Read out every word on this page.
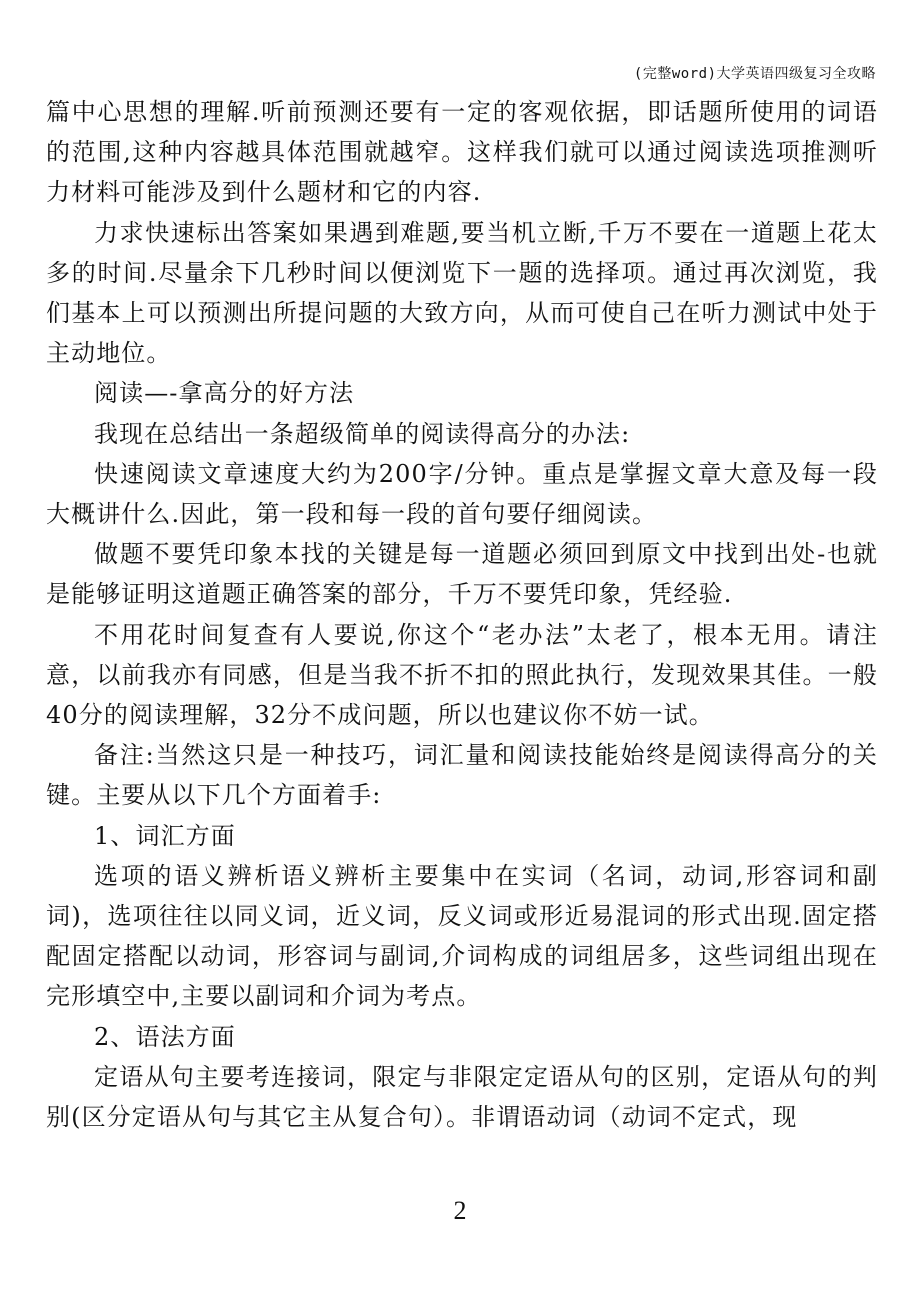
(完整word)大学英语四级复习全攻略

篇中心思想的理解.听前预测还要有一定的客观依据，即话题所使用的词语的范围,这种内容越具体范围就越窄。这样我们就可以通过阅读选项推测听力材料可能涉及到什么题材和它的内容.

力求快速标出答案如果遇到难题,要当机立断,千万不要在一道题上花太多的时间.尽量余下几秒时间以便浏览下一题的选择项。通过再次浏览，我们基本上可以预测出所提问题的大致方向，从而可使自己在听力测试中处于主动地位。

阅读—-拿高分的好方法

我现在总结出一条超级简单的阅读得高分的办法:

快速阅读文章速度大约为200字/分钟。重点是掌握文章大意及每一段大概讲什么.因此，第一段和每一段的首句要仔细阅读。

做题不要凭印象本找的关键是每一道题必须回到原文中找到出处-也就是能够证明这道题正确答案的部分，千万不要凭印象，凭经验.

不用花时间复查有人要说,你这个“老办法”太老了，根本无用。请注意，以前我亦有同感，但是当我不折不扣的照此执行，发现效果其佳。一般40分的阅读理解，32分不成问题，所以也建议你不妨一试。

备注:当然这只是一种技巧，词汇量和阅读技能始终是阅读得高分的关键。主要从以下几个方面着手:

1、词汇方面

选项的语义辨析语义辨析主要集中在实词（名词，动词,形容词和副词)，选项往往以同义词，近义词，反义词或形近易混词的形式出现.固定搭配固定搭配以动词，形容词与副词,介词构成的词组居多，这些词组出现在完形填空中,主要以副词和介词为考点。

2、语法方面

定语从句主要考连接词，限定与非限定定语从句的区别，定语从句的判别(区分定语从句与其它主从复合句）。非谓语动词（动词不定式，现

2
